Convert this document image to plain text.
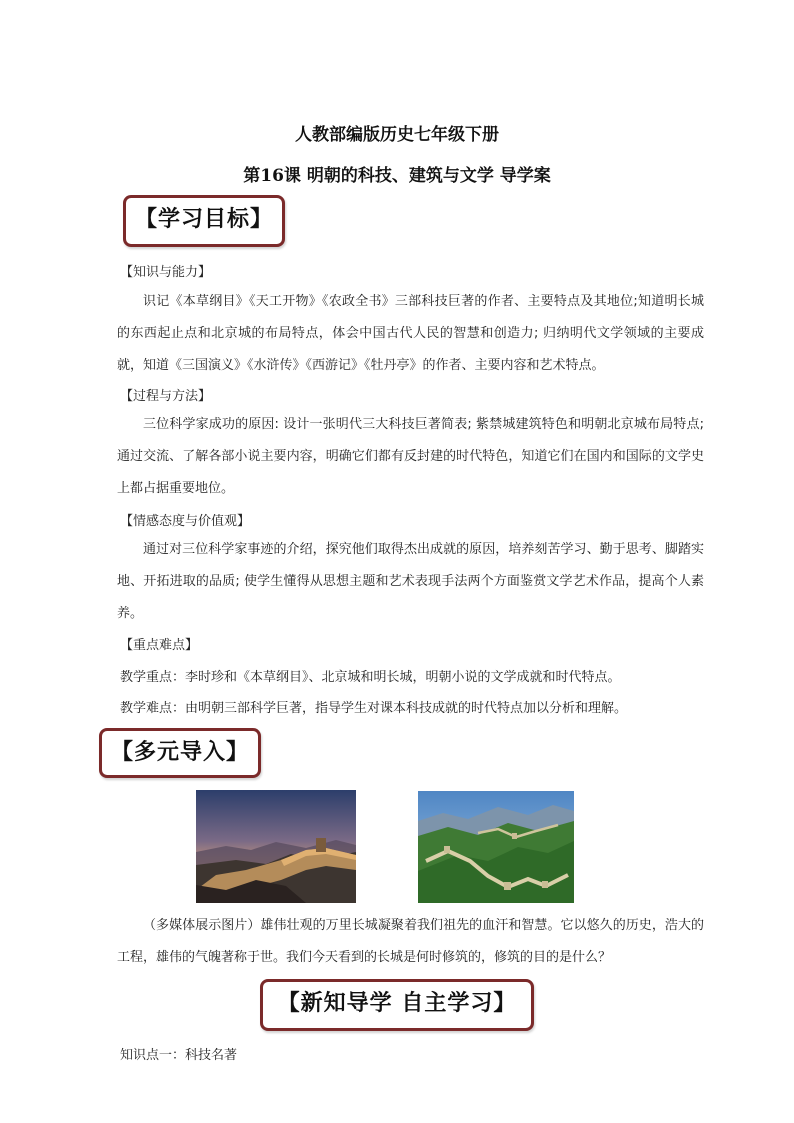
人教部编版历史七年级下册
第16课 明朝的科技、建筑与文学 导学案
【学习目标】
【知识与能力】
识记《本草纲目》《天工开物》《农政全书》三部科技巨著的作者、主要特点及其地位;知道明长城的东西起止点和北京城的布局特点，体会中国古代人民的智慧和创造力; 归纳明代文学领域的主要成就，知道《三国演义》《水浒传》《西游记》《牡丹亭》的作者、主要内容和艺术特点。
【过程与方法】
三位科学家成功的原因: 设计一张明代三大科技巨著简表; 紫禁城建筑特色和明朝北京城布局特点; 通过交流、了解各部小说主要内容，明确它们都有反封建的时代特色，知道它们在国内和国际的文学史上都占据重要地位。
【情感态度与价值观】
通过对三位科学家事迹的介绍，探究他们取得杰出成就的原因，培养刻苦学习、勤于思考、脚踏实地、开拓进取的品质; 使学生懂得从思想主题和艺术表现手法两个方面鉴赏文学艺术作品，提高个人素养。
【重点难点】
教学重点：李时珍和《本草纲目》、北京城和明长城，明朝小说的文学成就和时代特点。
教学难点：由明朝三部科学巨著，指导学生对课本科技成就的时代特点加以分析和理解。
【多元导入】
（多媒体展示图片）雄伟壮观的万里长城凝聚着我们祖先的血汗和智慧。它以悠久的历史，浩大的工程，雄伟的气魄著称于世。我们今天看到的长城是何时修筑的，修筑的目的是什么？
【新知导学 自主学习】
知识点一：科技名著
